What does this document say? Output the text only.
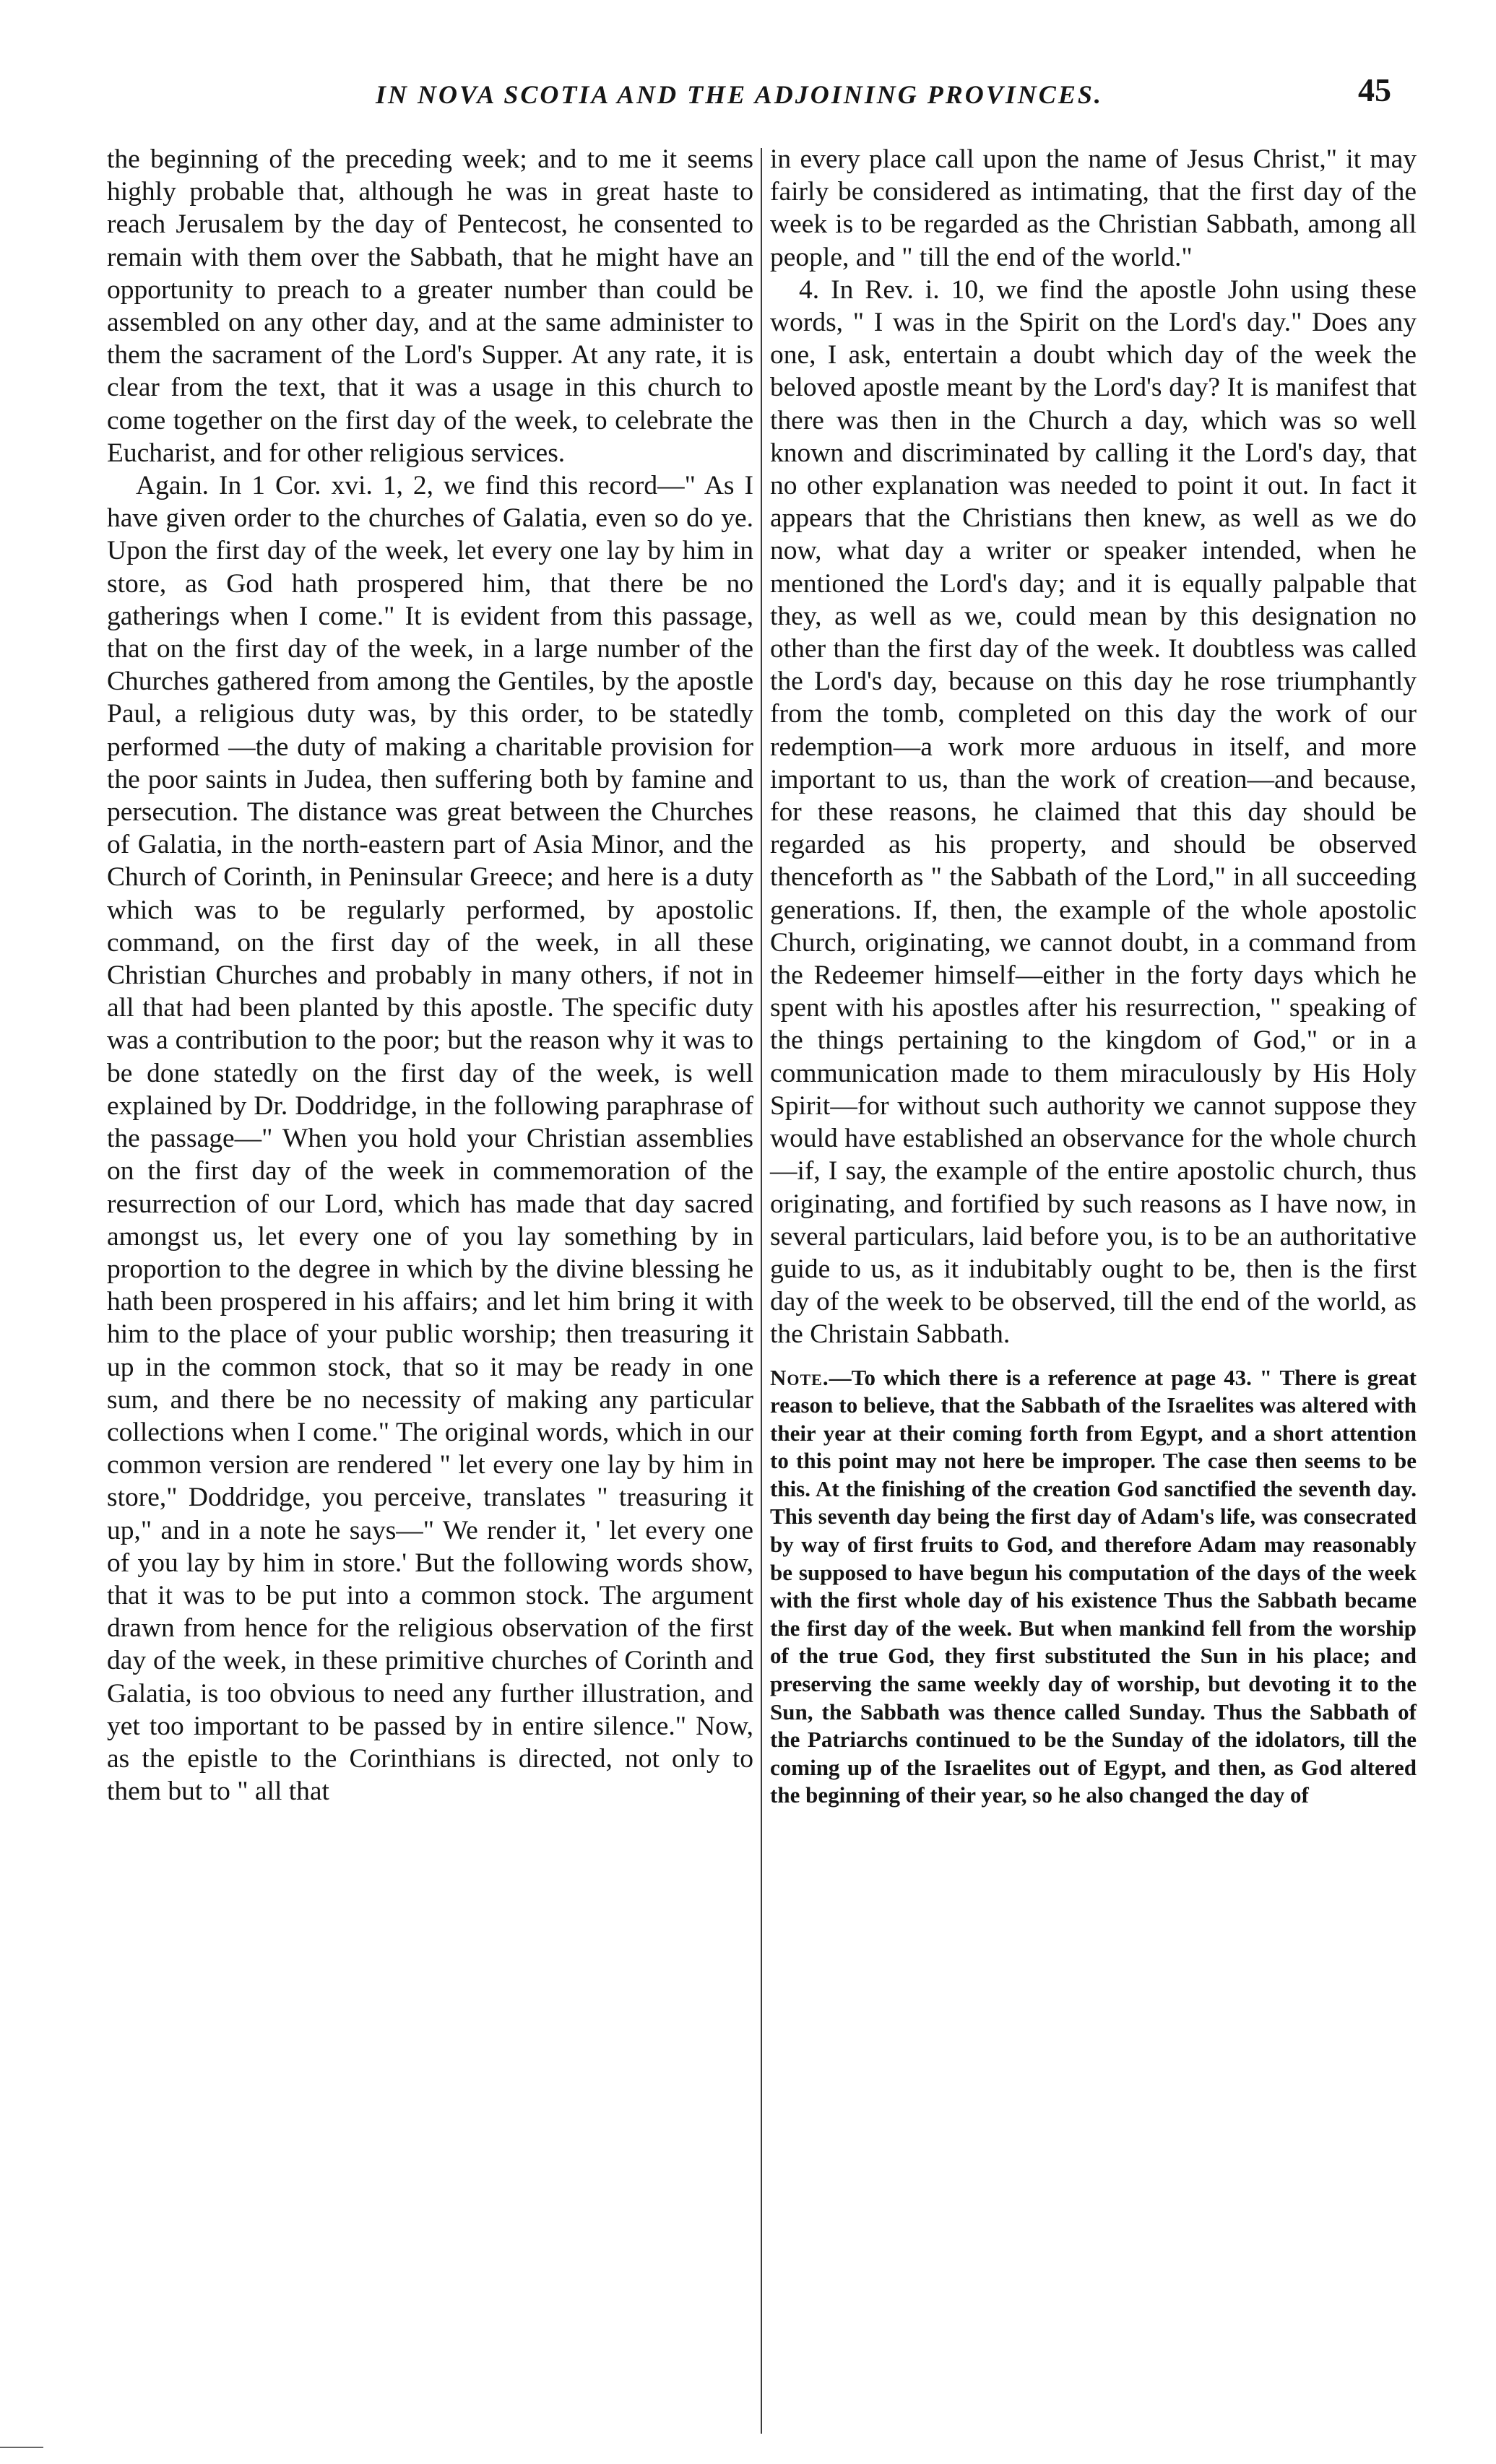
IN NOVA SCOTIA AND THE ADJOINING PROVINCES.	45

the beginning of the preceding week; and to me it seems highly probable that, although he was in great haste to reach Jerusalem by the day of Pentecost, he consented to remain with them over the Sabbath, that he might have an opportunity to preach to a greater number than could be assembled on any other day, and at the same administer to them the sacrament of the Lord's Supper. At any rate, it is clear from the text, that it was a usage in this church to come together on the first day of the week, to celebrate the Eucharist, and for other religious services.

Again. In 1 Cor. xvi. 1, 2, we find this record—" As I have given order to the churches of Galatia, even so do ye. Upon the first day of the week, let every one lay by him in store, as God hath prospered him, that there be no gatherings when I come." It is evident from this passage, that on the first day of the week, in a large number of the Churches gathered from among the Gentiles, by the apostle Paul, a religious duty was, by this order, to be statedly performed —the duty of making a charitable provision for the poor saints in Judea, then suffering both by famine and persecution. The distance was great between the Churches of Galatia, in the north-eastern part of Asia Minor, and the Church of Corinth, in Peninsular Greece; and here is a duty which was to be regularly performed, by apostolic command, on the first day of the week, in all these Christian Churches and probably in many others, if not in all that had been planted by this apostle. The specific duty was a contribution to the poor; but the reason why it was to be done statedly on the first day of the week, is well explained by Dr. Doddridge, in the following paraphrase of the passage—" When you hold your Christian assemblies on the first day of the week in commemoration of the resurrection of our Lord, which has made that day sacred amongst us, let every one of you lay something by in proportion to the degree in which by the divine blessing he hath been prospered in his affairs; and let him bring it with him to the place of your public worship; then treasuring it up in the common stock, that so it may be ready in one sum, and there be no necessity of making any particular collections when I come." The original words, which in our common version are rendered " let every one lay by him in store," Doddridge, you perceive, translates " treasuring it up," and in a note he says—" We render it, ' let every one of you lay by him in store.' But the following words show, that it was to be put into a common stock. The argument drawn from hence for the religious observation of the first day of the week, in these primitive churches of Corinth and Galatia, is too obvious to need any further illustration, and yet too important to be passed by in entire silence." Now, as the epistle to the Corinthians is directed, not only to them but to " all that

in every place call upon the name of Jesus Christ," it may fairly be considered as intimating, that the first day of the week is to be regarded as the Christian Sabbath, among all people, and " till the end of the world."

4. In Rev. i. 10, we find the apostle John using these words, " I was in the Spirit on the Lord's day." Does any one, I ask, entertain a doubt which day of the week the beloved apostle meant by the Lord's day? It is manifest that there was then in the Church a day, which was so well known and discriminated by calling it the Lord's day, that no other explanation was needed to point it out. In fact it appears that the Christians then knew, as well as we do now, what day a writer or speaker intended, when he mentioned the Lord's day; and it is equally palpable that they, as well as we, could mean by this designation no other than the first day of the week. It doubtless was called the Lord's day, because on this day he rose triumphantly from the tomb, completed on this day the work of our redemption—a work more arduous in itself, and more important to us, than the work of creation—and because, for these reasons, he claimed that this day should be regarded as his property, and should be observed thenceforth as " the Sabbath of the Lord," in all succeeding generations. If, then, the example of the whole apostolic Church, originating, we cannot doubt, in a command from the Redeemer himself—either in the forty days which he spent with his apostles after his resurrection, " speaking of the things pertaining to the kingdom of God," or in a communication made to them miraculously by His Holy Spirit—for without such authority we cannot suppose they would have established an observance for the whole church—if, I say, the example of the entire apostolic church, thus originating, and fortified by such reasons as I have now, in several particulars, laid before you, is to be an authoritative guide to us, as it indubitably ought to be, then is the first day of the week to be observed, till the end of the world, as the Christain Sabbath.

Note.—To which there is a reference at page 43. " There is great reason to believe, that the Sabbath of the Israelites was altered with their year at their coming forth from Egypt, and a short attention to this point may not here be improper. The case then seems to be this. At the finishing of the creation God sanctified the seventh day. This seventh day being the first day of Adam's life, was consecrated by way of first fruits to God, and therefore Adam may reasonably be supposed to have begun his computation of the days of the week with the first whole day of his existence Thus the Sabbath became the first day of the week. But when mankind fell from the worship of the true God, they first substituted the Sun in his place; and preserving the same weekly day of worship, but devoting it to the Sun, the Sabbath was thence called Sunday. Thus the Sabbath of the Patriarchs continued to be the Sunday of the idolators, till the coming up of the Israelites out of Egypt, and then, as God altered the beginning of their year, so he also changed the day of
